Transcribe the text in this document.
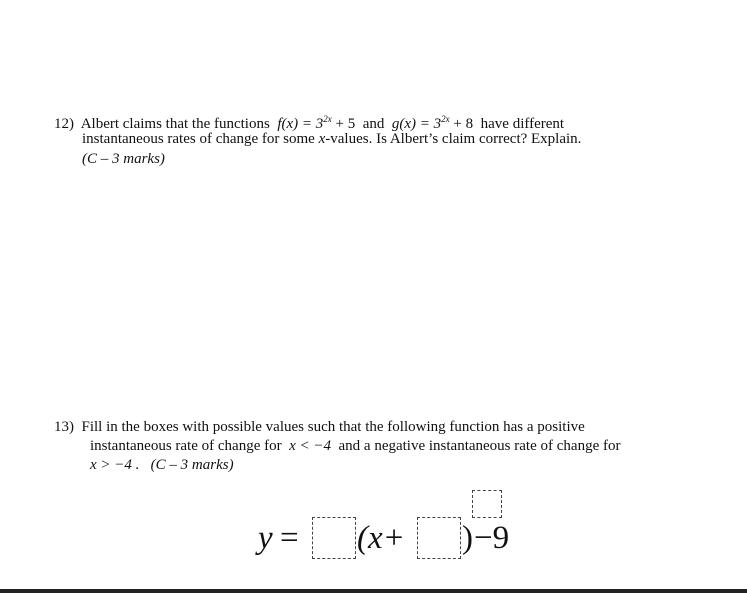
12) Albert claims that the functions $f(x) = 3^{2x} + 5$ and $g(x) = 3^{2x} + 8$ have different
instantaneous rates of change for some x-values. Is Albert’s claim correct? Explain.
(C – 3 marks)
13) Fill in the boxes with possible values such that the following function has a positive
instantaneous rate of change for x < −4 and a negative instantaneous rate of change for
x > −4 . (C – 3 marks)
y = (x+ ) −9
